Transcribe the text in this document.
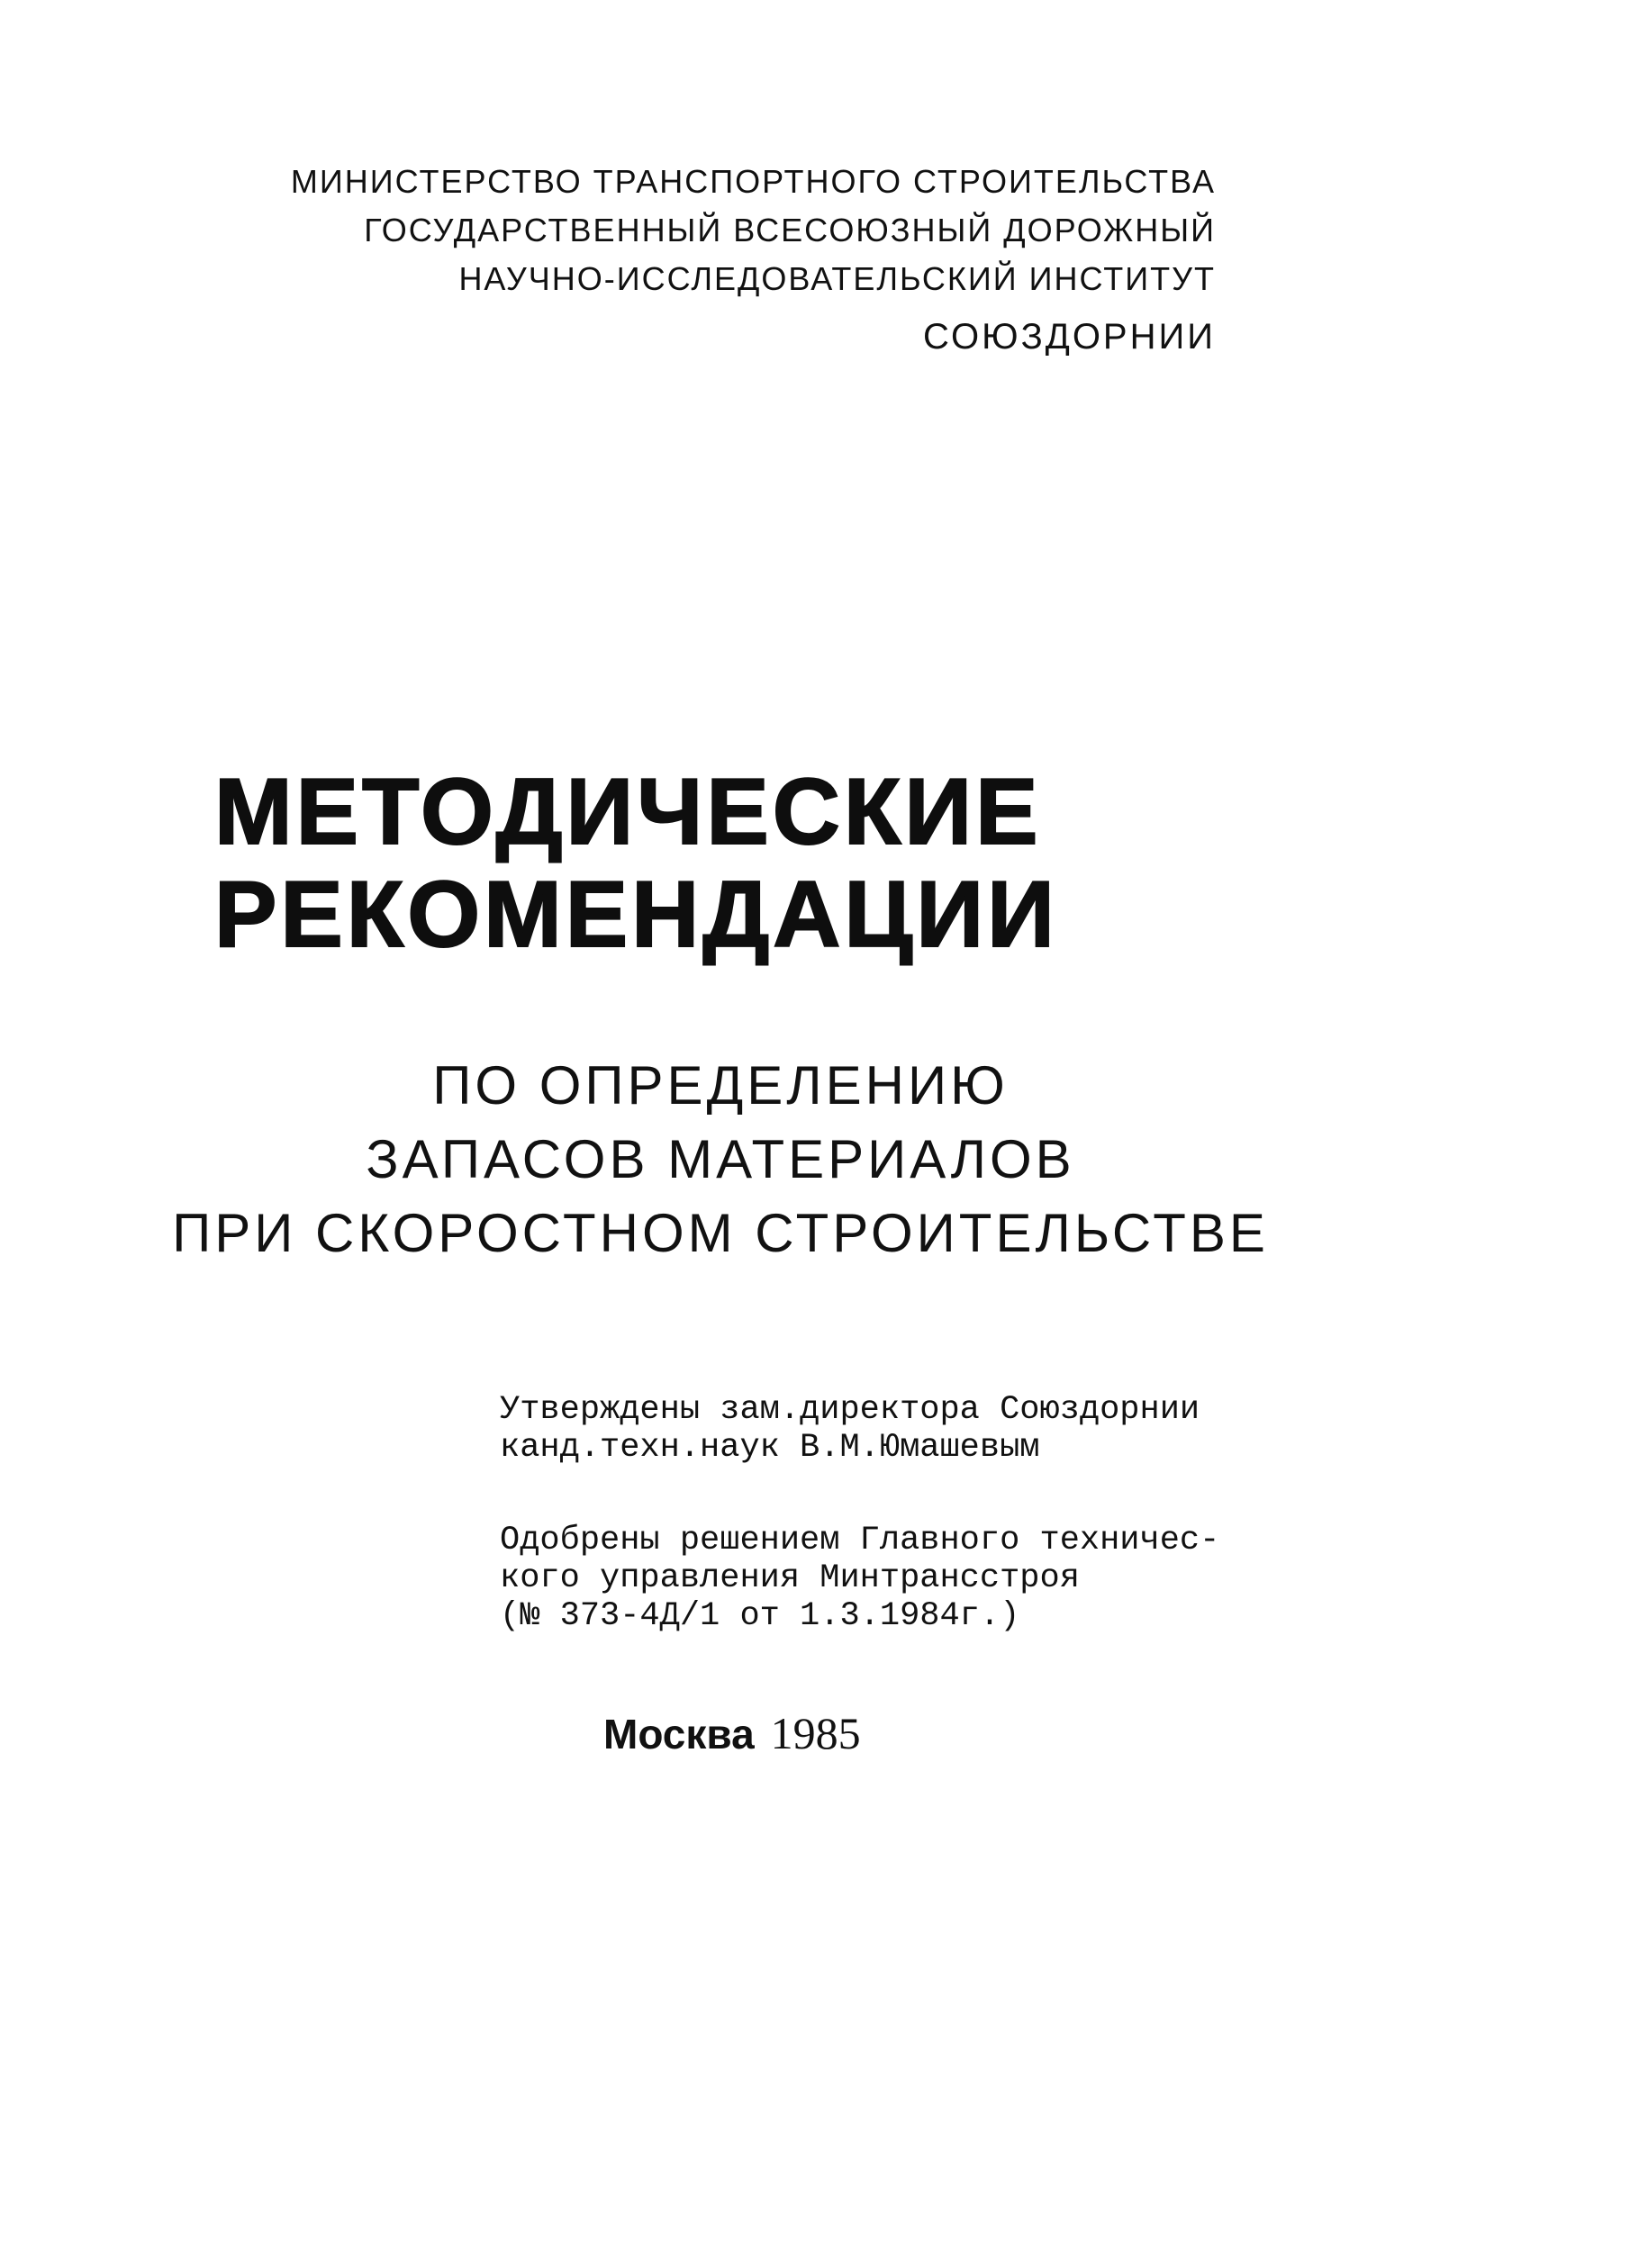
МИНИСТЕРСТВО ТРАНСПОРТНОГО СТРОИТЕЛЬСТВА
ГОСУДАРСТВЕННЫЙ ВСЕСОЮЗНЫЙ ДОРОЖНЫЙ
НАУЧНО-ИССЛЕДОВАТЕЛЬСКИЙ ИНСТИТУТ
СОЮЗДОРНИИ
МЕТОДИЧЕСКИЕ
РЕКОМЕНДАЦИИ
ПО ОПРЕДЕЛЕНИЮ
ЗАПАСОВ МАТЕРИАЛОВ
ПРИ СКОРОСТНОМ СТРОИТЕЛЬСТВЕ
Утверждены зам.директора Союздорнии
канд.техн.наук В.М.Юмашевым
Одобрены решением Главного техничес-
кого управления Минтрансстроя
(№ 373-4Д/1 от 1.3.1984г.)
Москва 1985
